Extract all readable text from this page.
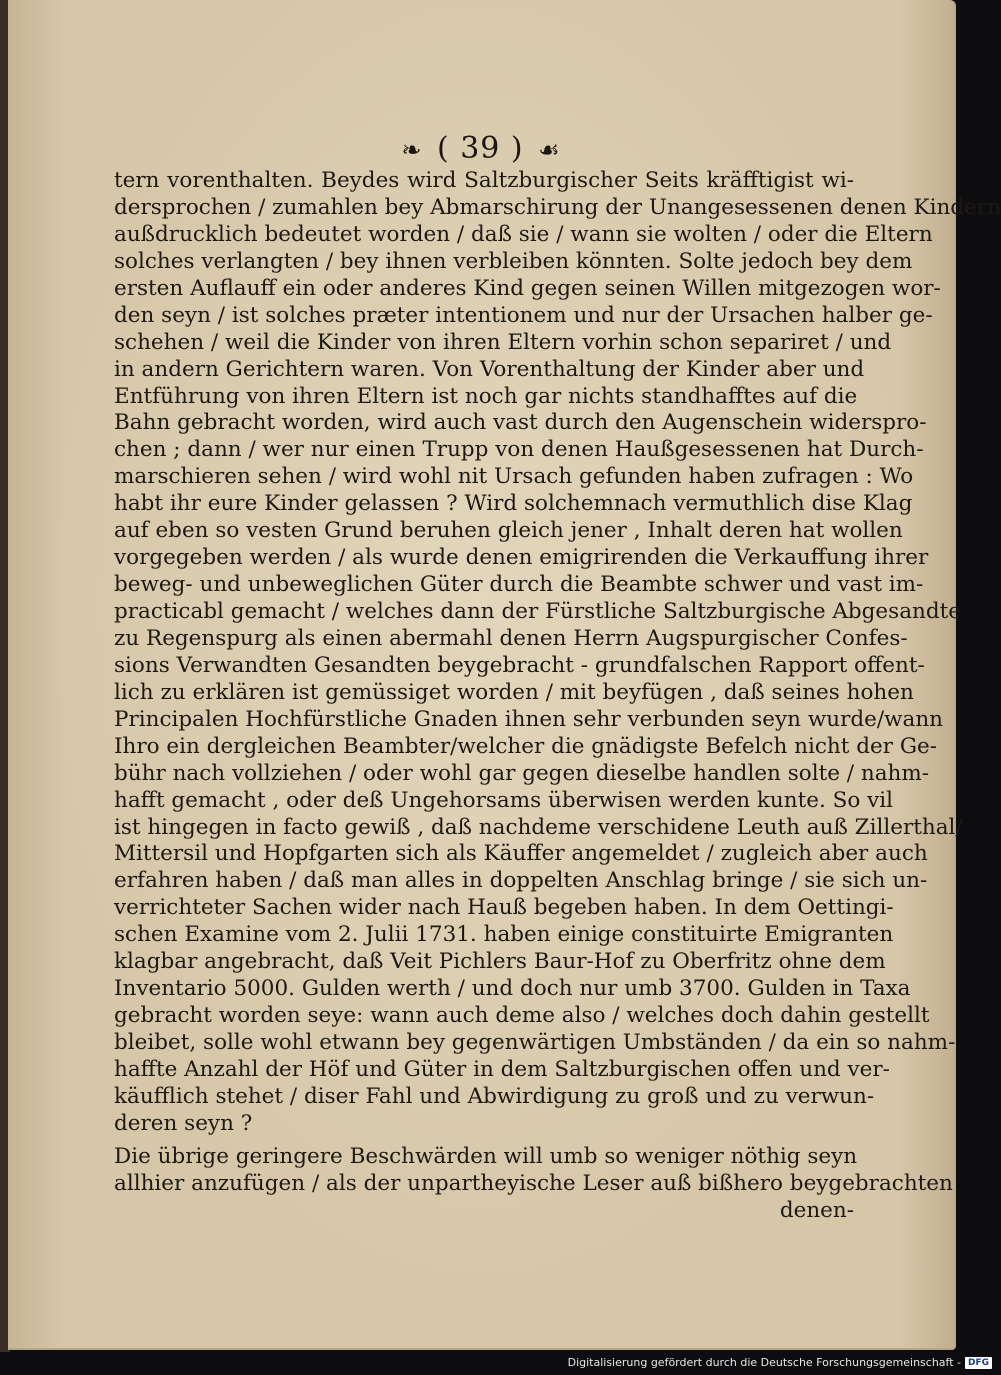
❧ ( 39 ) ☙
tern vorenthalten. Beydes wird Saltzburgischer Seits kräfftigist wi-
dersprochen / zumahlen bey Abmarschirung der Unangesessenen denen Kindern
außdrucklich bedeutet worden / daß sie / wann sie wolten / oder die Eltern
solches verlangten / bey ihnen verbleiben könnten. Solte jedoch bey dem
ersten Auflauff ein oder anderes Kind gegen seinen Willen mitgezogen wor-
den seyn / ist solches præter intentionem und nur der Ursachen halber ge-
schehen / weil die Kinder von ihren Eltern vorhin schon separiret / und
in andern Gerichtern waren. Von Vorenthaltung der Kinder aber und
Entführung von ihren Eltern ist noch gar nichts standhafftes auf die
Bahn gebracht worden, wird auch vast durch den Augenschein widerspro-
chen ; dann / wer nur einen Trupp von denen Haußgesessenen hat Durch-
marschieren sehen / wird wohl nit Ursach gefunden haben zufragen : Wo
habt ihr eure Kinder gelassen ? Wird solchemnach vermuthlich dise Klag
auf eben so vesten Grund beruhen gleich jener , Inhalt deren hat wollen
vorgegeben werden / als wurde denen emigrirenden die Verkauffung ihrer
beweg- und unbeweglichen Güter durch die Beambte schwer und vast im-
practicabl gemacht / welches dann der Fürstliche Saltzburgische Abgesandte
zu Regenspurg als einen abermahl denen Herrn Augspurgischer Confes-
sions Verwandten Gesandten beygebracht - grundfalschen Rapport offent-
lich zu erklären ist gemüssiget worden / mit beyfügen , daß seines hohen
Principalen Hochfürstliche Gnaden ihnen sehr verbunden seyn wurde/wann
Ihro ein dergleichen Beambter/welcher die gnädigste Befelch nicht der Ge-
bühr nach vollziehen / oder wohl gar gegen dieselbe handlen solte / nahm-
hafft gemacht , oder deß Ungehorsams überwisen werden kunte. So vil
ist hingegen in facto gewiß , daß nachdeme verschidene Leuth auß Zillerthal/
Mittersil und Hopfgarten sich als Käuffer angemeldet / zugleich aber auch
erfahren haben / daß man alles in doppelten Anschlag bringe / sie sich un-
verrichteter Sachen wider nach Hauß begeben haben. In dem Oettingi-
schen Examine vom 2. Julii 1731. haben einige constituirte Emigranten
klagbar angebracht, daß Veit Pichlers Baur-Hof zu Oberfritz ohne dem
Inventario 5000. Gulden werth / und doch nur umb 3700. Gulden in Taxa
gebracht worden seye: wann auch deme also / welches doch dahin gestellt
bleibet, solle wohl etwann bey gegenwärtigen Umbständen / da ein so nahm-
haffte Anzahl der Höf und Güter in dem Saltzburgischen offen und ver-
käufflich stehet / diser Fahl und Abwirdigung zu groß und zu verwun-
deren seyn ?
Die übrige geringere Beschwärden will umb so weniger nöthig seyn
allhier anzufügen / als der unpartheyische Leser auß bißhero beygebrachten
denen-
Digitalisierung gefördert durch die Deutsche Forschungsgemeinschaft - DFG
